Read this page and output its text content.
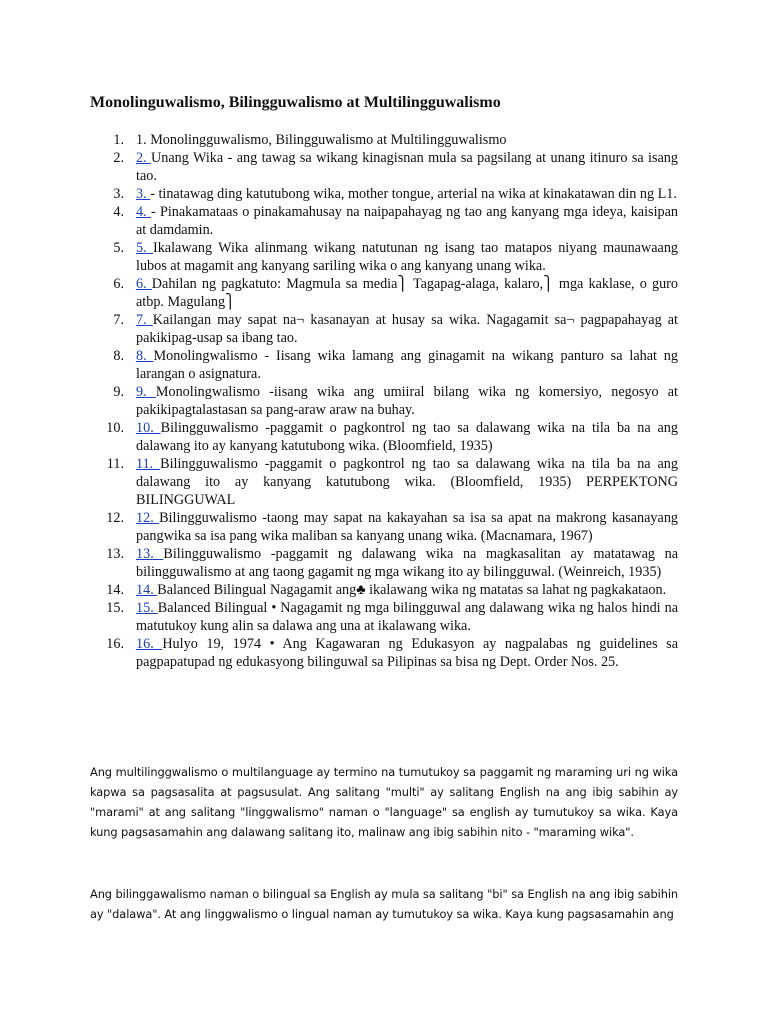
Monolinguwalismo, Bilingguwalismo at Multilingguwalismo
1 . 1. Monolingguwalismo, Bilingguwalismo at Multilingguwalismo
2 . 2. Unang Wika - ang tawag sa wikang kinagisnan mula sa pagsilang at unang itinuro sa isang tao.
3 . 3. - tinatawag ding katutubong wika, mother tongue, arterial na wika at kinakatawan din ng L1.
4 . 4. - Pinakamataas o pinakamahusay na naipapahayag ng tao ang kanyang mga ideya, kaisipan at damdamin.
5 . 5. Ikalawang Wika alinmang wikang natutunan ng isang tao matapos niyang maunawaang lubos at magamit ang kanyang sariling wika o ang kanyang unang wika.
6 . 6. Dahilan ng pagkatuto: Magmula sa media⎫ Tagapag-alaga, kalaro,⎫ mga kaklase, o guro atbp. Magulang⎫
7 . 7. Kailangan may sapat na¬ kasanayan at husay sa wika. Nagagamit sa¬ pagpapahayag at pakikipag-usap sa ibang tao.
8 . 8. Monolingwalismo - Iisang wika lamang ang ginagamit na wikang panturo sa lahat ng larangan o asignatura.
9 . 9. Monolingwalismo -iisang wika ang umiiral bilang wika ng komersiyo, negosyo at pakikipagtalastasan sa pang-araw araw na buhay.
10 . 10. Bilingguwalismo -paggamit o pagkontrol ng tao sa dalawang wika na tila ba na ang dalawang ito ay kanyang katutubong wika. (Bloomfield, 1935)
11 . 11. Bilingguwalismo -paggamit o pagkontrol ng tao sa dalawang wika na tila ba na ang dalawang ito ay kanyang katutubong wika. (Bloomfield, 1935) PERPEKTONG BILINGGUWAL
12 . 12. Bilingguwalismo -taong may sapat na kakayahan sa isa sa apat na makrong kasanayang pangwika sa isa pang wika maliban sa kanyang unang wika. (Macnamara, 1967)
13 . 13. Bilingguwalismo -paggamit ng dalawang wika na magkasalitan ay matatawag na bilingguwalismo at ang taong gagamit ng mga wikang ito ay bilingguwal. (Weinreich, 1935)
14 . 14. Balanced Bilingual Nagagamit ang♣ ikalawang wika ng matatas sa lahat ng pagkakataon.
15 . 15. Balanced Bilingual • Nagagamit ng mga bilingguwal ang dalawang wika ng halos hindi na matutukoy kung alin sa dalawa ang una at ikalawang wika.
16 . 16. Hulyo 19, 1974 • Ang Kagawaran ng Edukasyon ay nagpalabas ng guidelines sa pagpapatupad ng edukasyong bilinguwal sa Pilipinas sa bisa ng Dept. Order Nos. 25.

Ang multilinggwalismo o multilanguage ay termino na tumutukoy sa paggamit ng maraming uri ng wika kapwa sa pagsasalita at pagsusulat. Ang salitang "multi" ay salitang English na ang ibig sabihin ay "marami" at ang salitang "linggwalismo" naman o "language" sa english ay tumutukoy sa wika. Kaya kung pagsasamahin ang dalawang salitang ito, malinaw ang ibig sabihin nito - "maraming wika".

Ang bilinggawalismo naman o bilingual sa English ay mula sa salitang "bi" sa English na ang ibig sabihin ay "dalawa". At ang linggwalismo o lingual naman ay tumutukoy sa wika. Kaya kung pagsasamahin ang
